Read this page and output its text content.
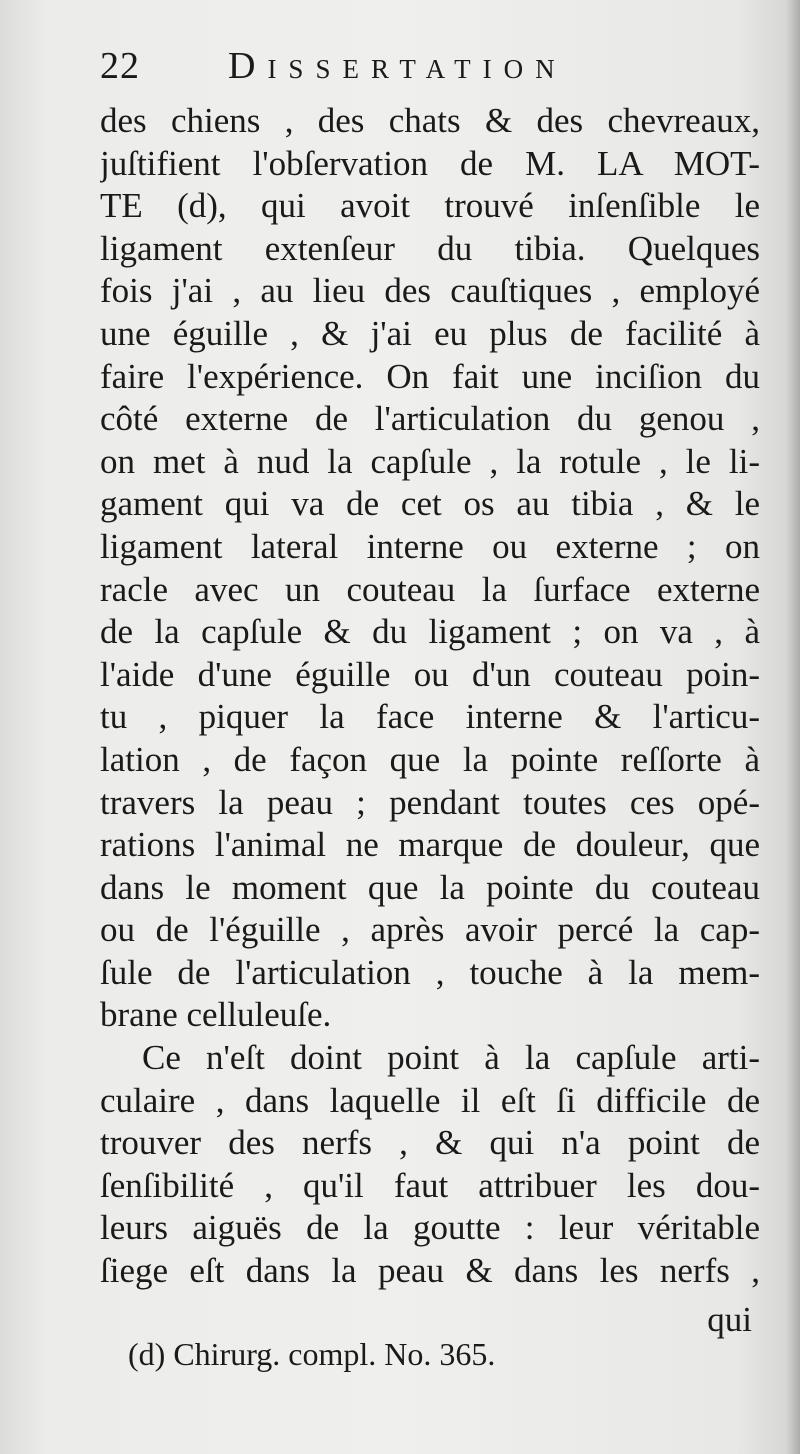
22 Dissertation
des chiens , des chats & des chevreaux,
juſtifient l'obſervation de M. LA MOT-
TE (d), qui avoit trouvé inſenſible le
ligament extenſeur du tibia. Quelques
fois j'ai , au lieu des cauſtiques , employé
une éguille , & j'ai eu plus de facilité à
faire l'expérience. On fait une inciſion du
côté externe de l'articulation du genou ,
on met à nud la capſule , la rotule , le li-
gament qui va de cet os au tibia , & le
ligament lateral interne ou externe ; on
racle avec un couteau la ſurface externe
de la capſule & du ligament ; on va , à
l'aide d'une éguille ou d'un couteau poin-
tu , piquer la face interne & l'articu-
lation , de façon que la pointe reſſorte à
travers la peau ; pendant toutes ces opé-
rations l'animal ne marque de douleur, que
dans le moment que la pointe du couteau
ou de l'éguille , après avoir percé la cap-
ſule de l'articulation , touche à la mem-
brane celluleuſe.
Ce n'eſt doint point à la capſule arti-
culaire , dans laquelle il eſt ſi difficile de
trouver des nerfs , & qui n'a point de
ſenſibilité , qu'il faut attribuer les dou-
leurs aiguës de la goutte : leur véritable
ſiege eſt dans la peau & dans les nerfs ,
qui
(d) Chirurg. compl. No. 365.
